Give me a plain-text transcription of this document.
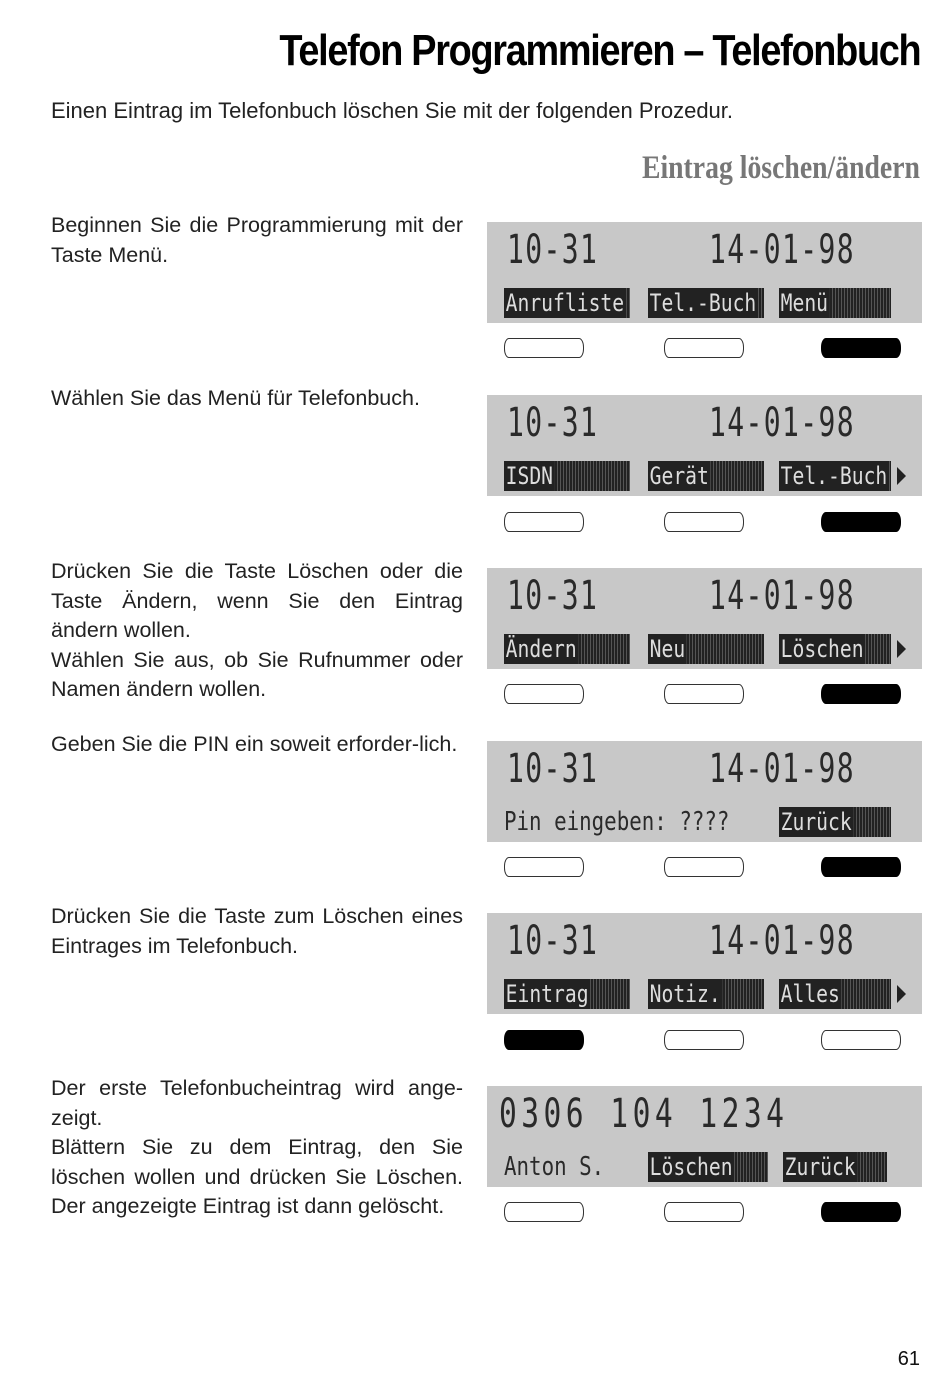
Telefon Programmieren – Telefonbuch

Einen Eintrag im Telefonbuch löschen Sie mit der folgenden Prozedur.

Eintrag löschen/ändern

Beginnen Sie die Programmierung mit der Taste Menü.	10-31	14-01-98
Anrufliste Tel.-Buch	Menü

Wählen Sie das Menü für Telefonbuch.

10-31	14-01-98
ISDN	Gerät	Tel.-Buch

Drücken Sie die Taste Löschen oder die Taste Ändern, wenn Sie den Eintrag ändern wollen.

Wählen Sie aus, ob Sie Rufnummer oder Namen ändern wollen.

10-31	14-01-98
Ändern	Neu	Löschen

Geben Sie die PIN ein soweit erforder-lich.

10-31	14-01-98
Pin eingeben: ???? Zurück

Drücken Sie die Taste zum Löschen eines Eintrages im Telefonbuch.	10-31	14-01-98
Eintrag	Notiz.	Alles

Der erste Telefonbucheintrag wird ange-zeigt.

Blättern Sie zu dem Eintrag, den Sie löschen wollen und drücken Sie Löschen. Der angezeigte Eintrag ist dann gelöscht.

0306 104 1234
Anton S. Löschen	Zurück
61
